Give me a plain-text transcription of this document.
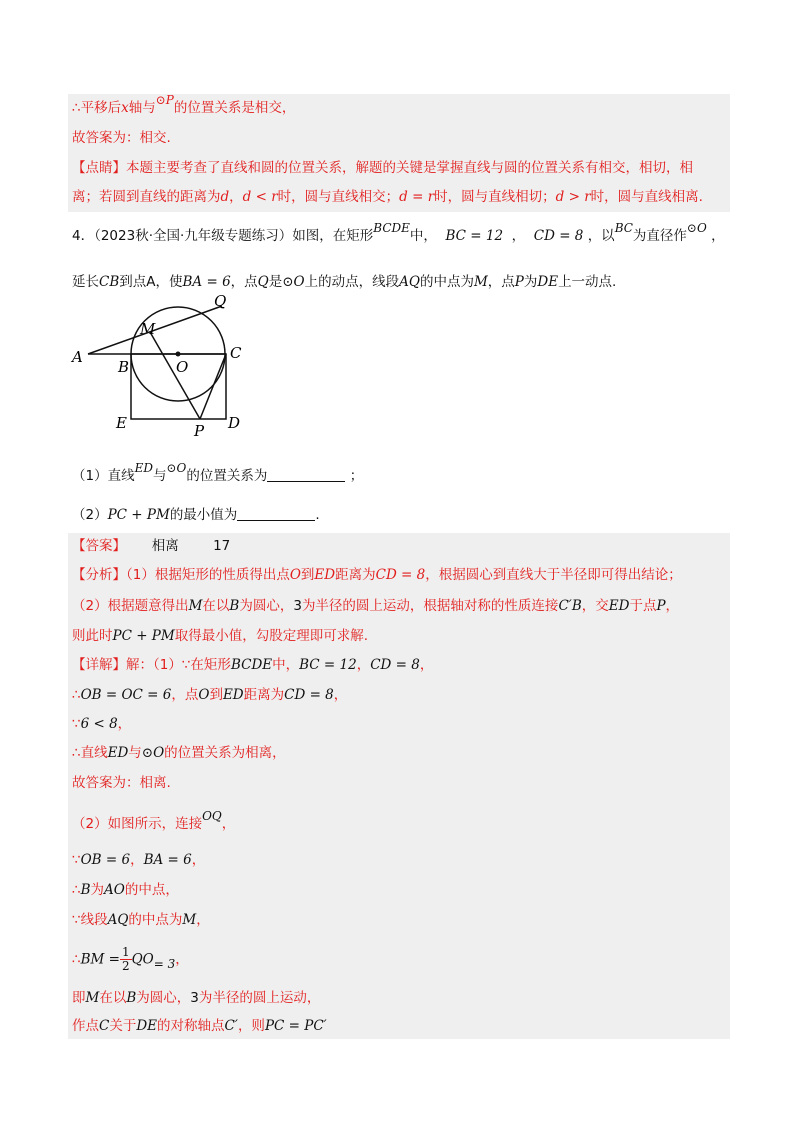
∴平移后x轴与⊙P的位置关系是相交，
故答案为：相交.
【点睛】本题主要考查了直线和圆的位置关系，解题的关键是掌握直线与圆的位置关系有相交，相切，相
离；若圆到直线的距离为d，d < r时，圆与直线相交；d = r时，圆与直线相切；d > r时，圆与直线相离.
4．（2023秋·全国·九年级专题练习）如图，在矩形BCDE中， BC = 12 ， CD = 8 ，以BC为直径作⊙O ，
延长CB到点A，使BA = 6，点Q是⊙O上的动点，线段AQ的中点为M，点P为DE上一动点.
A
B
C
D
E
M
O
P
Q
（1）直线ED与⊙O的位置关系为	；
（2）PC + PM的最小值为	.
【答案】 相离	17
【分析】（1）根据矩形的性质得出点O到ED距离为CD = 8，根据圆心到直线大于半径即可得出结论；
（2）根据题意得出M在以B为圆心，3为半径的圆上运动，根据轴对称的性质连接C′B，交ED于点P，
则此时PC + PM取得最小值，勾股定理即可求解.
【详解】解：（1）∵在矩形BCDE中，BC = 12，CD = 8，
∴OB = OC = 6，点O到ED距离为CD = 8，
∵6 < 8，
∴直线ED与⊙O的位置关系为相离，
故答案为：相离.
（2）如图所示，连接OQ，
∵OB = 6，BA = 6，
∴B为AO的中点，
∵线段AQ的中点为M，
∴BM = $\frac{1}{2} QO= 3$，
即M在以B为圆心，3为半径的圆上运动，
作点C关于DE的对称轴点C′，则PC = PC′
